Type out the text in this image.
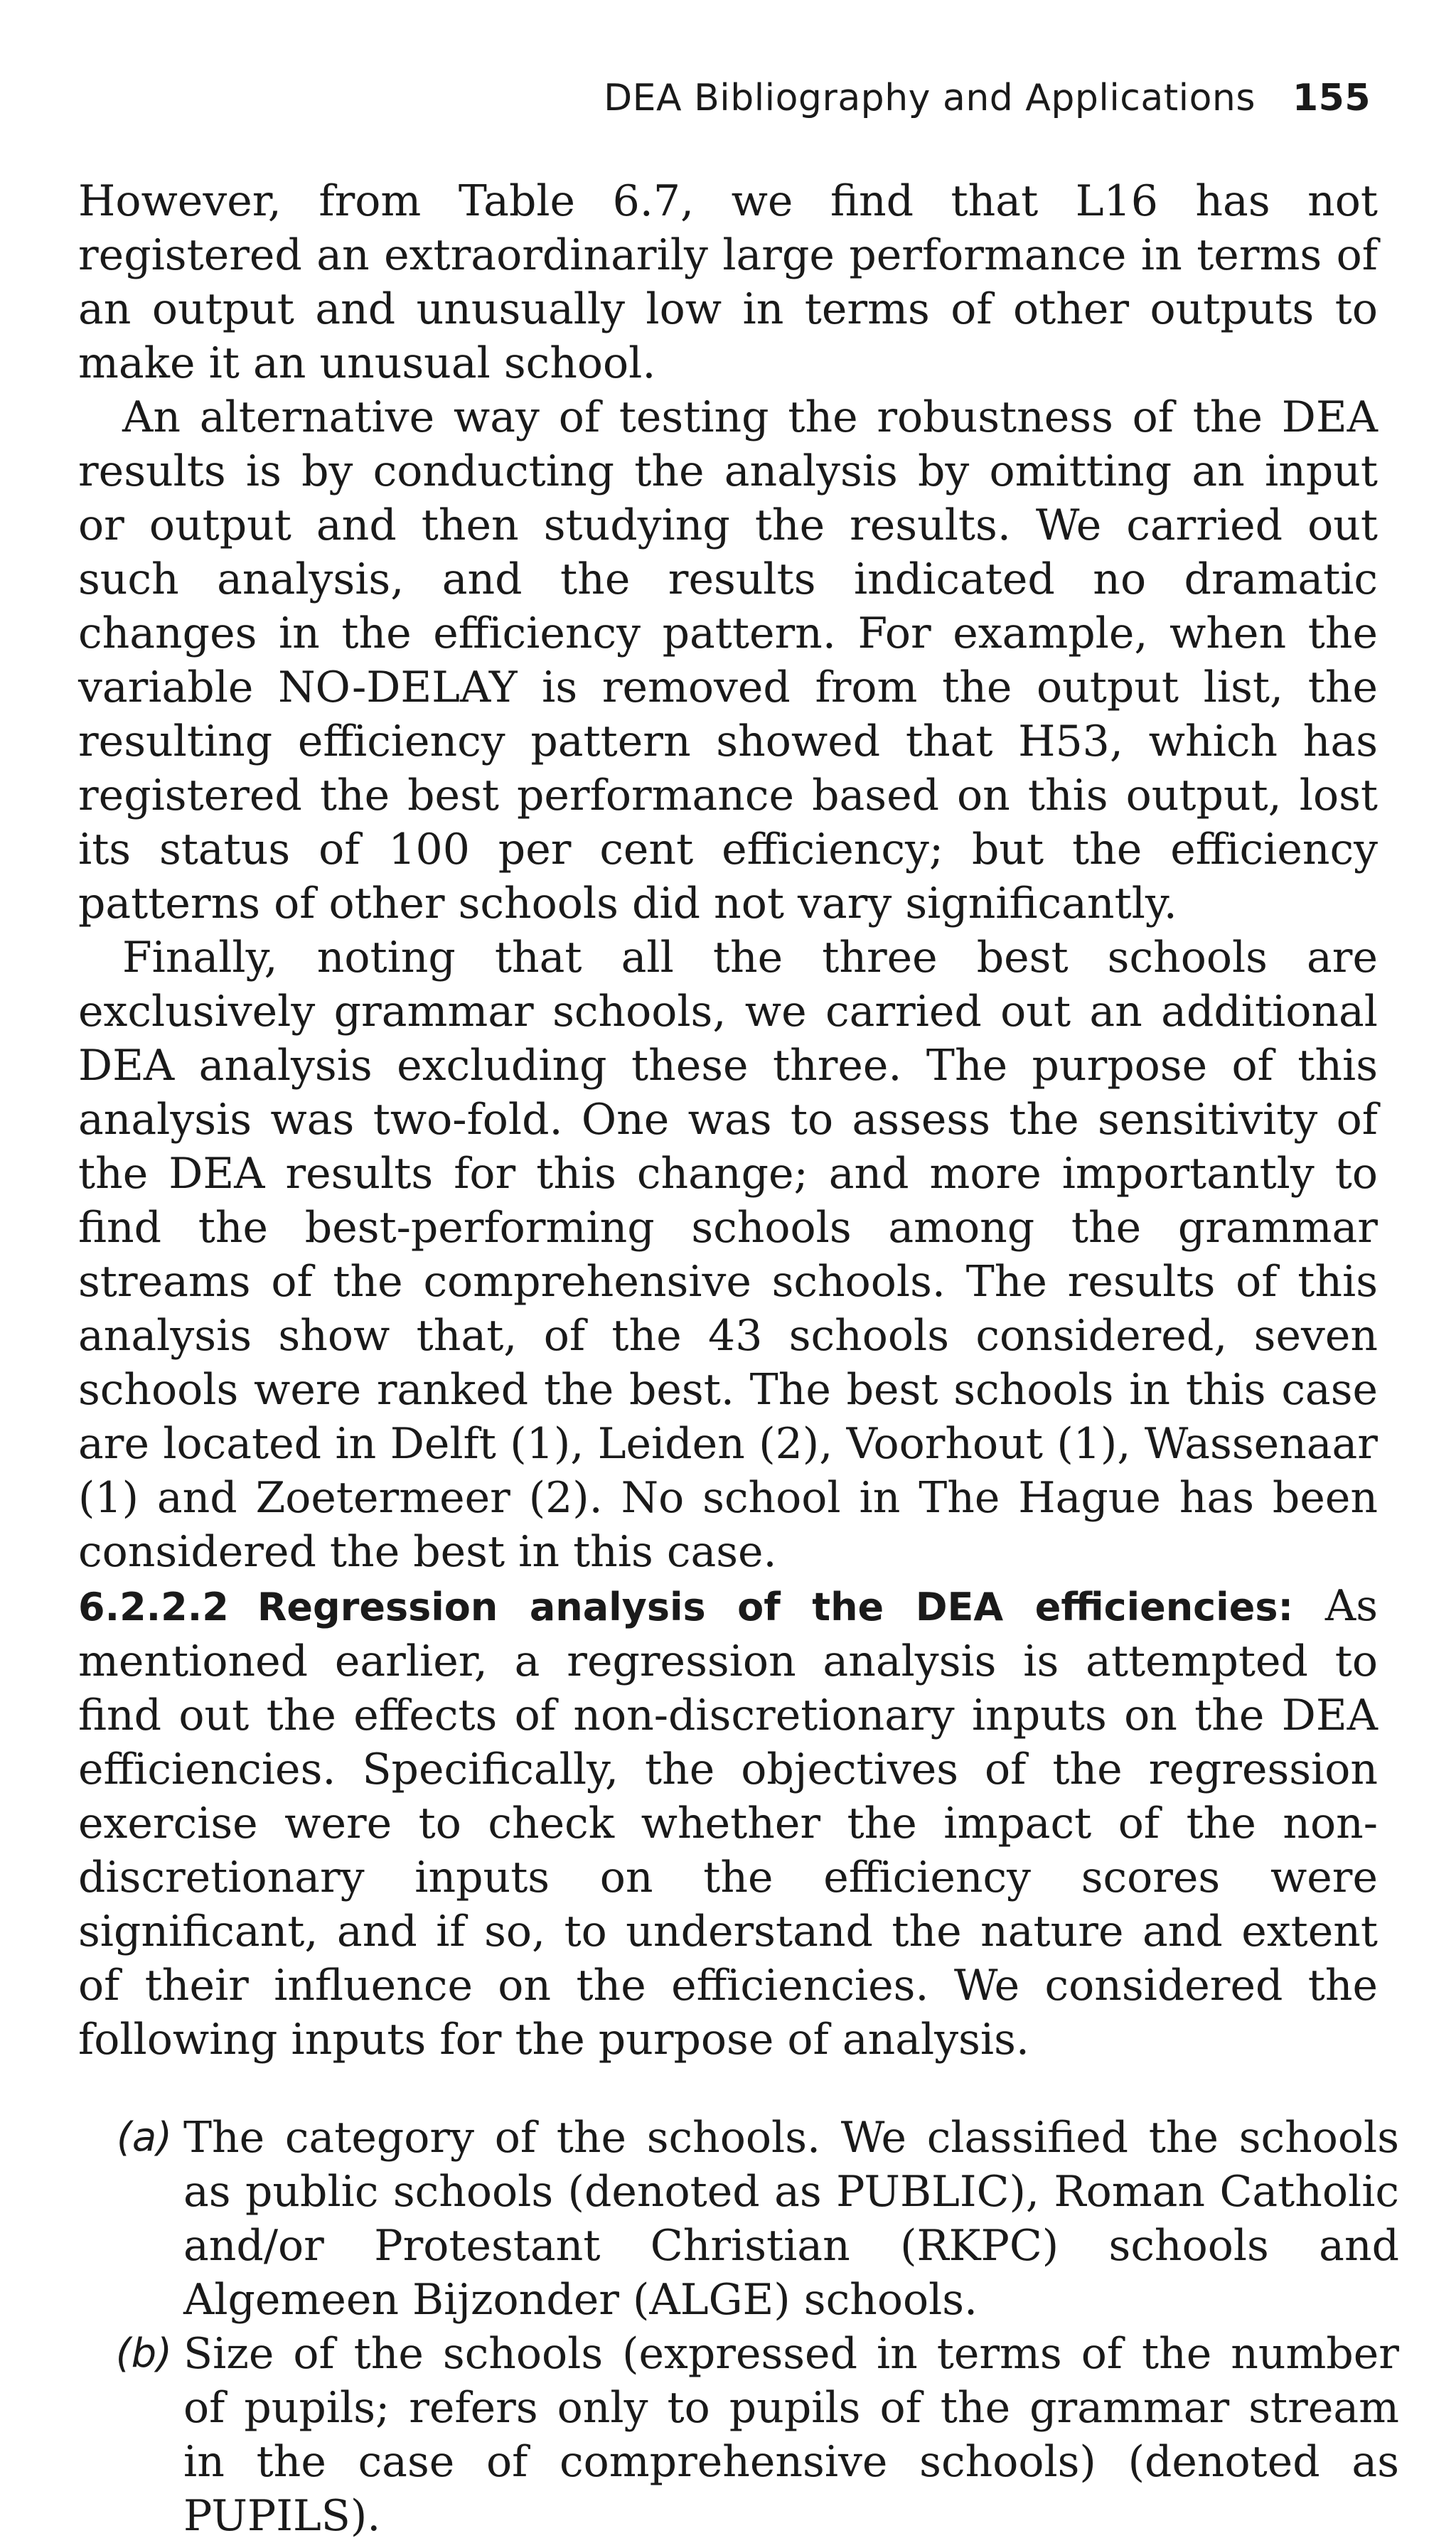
DEA Bibliography and Applications 155

However, from Table 6.7, we find that L16 has not registered an extraordinarily large performance in terms of an output and unusually low in terms of other outputs to make it an unusual school.

An alternative way of testing the robustness of the DEA results is by conducting the analysis by omitting an input or output and then studying the results. We carried out such analysis, and the results indicated no dramatic changes in the efficiency pattern. For example, when the variable NO-DELAY is removed from the output list, the resulting efficiency pattern showed that H53, which has registered the best performance based on this output, lost its status of 100 per cent efficiency; but the efficiency patterns of other schools did not vary significantly.

Finally, noting that all the three best schools are exclusively grammar schools, we carried out an additional DEA analysis excluding these three. The purpose of this analysis was two-fold. One was to assess the sensitivity of the DEA results for this change; and more importantly to find the best-performing schools among the grammar streams of the comprehensive schools. The results of this analysis show that, of the 43 schools considered, seven schools were ranked the best. The best schools in this case are located in Delft (1), Leiden (2), Voorhout (1), Wassenaar (1) and Zoetermeer (2). No school in The Hague has been considered the best in this case.

6.2.2.2 Regression analysis of the DEA efficiencies: As mentioned earlier, a regression analysis is attempted to find out the effects of non-discretionary inputs on the DEA efficiencies. Specifically, the objectives of the regression exercise were to check whether the impact of the non-discretionary inputs on the efficiency scores were significant, and if so, to understand the nature and extent of their influence on the efficiencies. We considered the following inputs for the purpose of analysis.

(a) The category of the schools. We classified the schools as public schools (denoted as PUBLIC), Roman Catholic and/or Protestant Christian (RKPC) schools and Algemeen Bijzonder (ALGE) schools.
(b) Size of the schools (expressed in terms of the number of pupils; refers only to pupils of the grammar stream in the case of comprehensive schools) (denoted as PUPILS).
